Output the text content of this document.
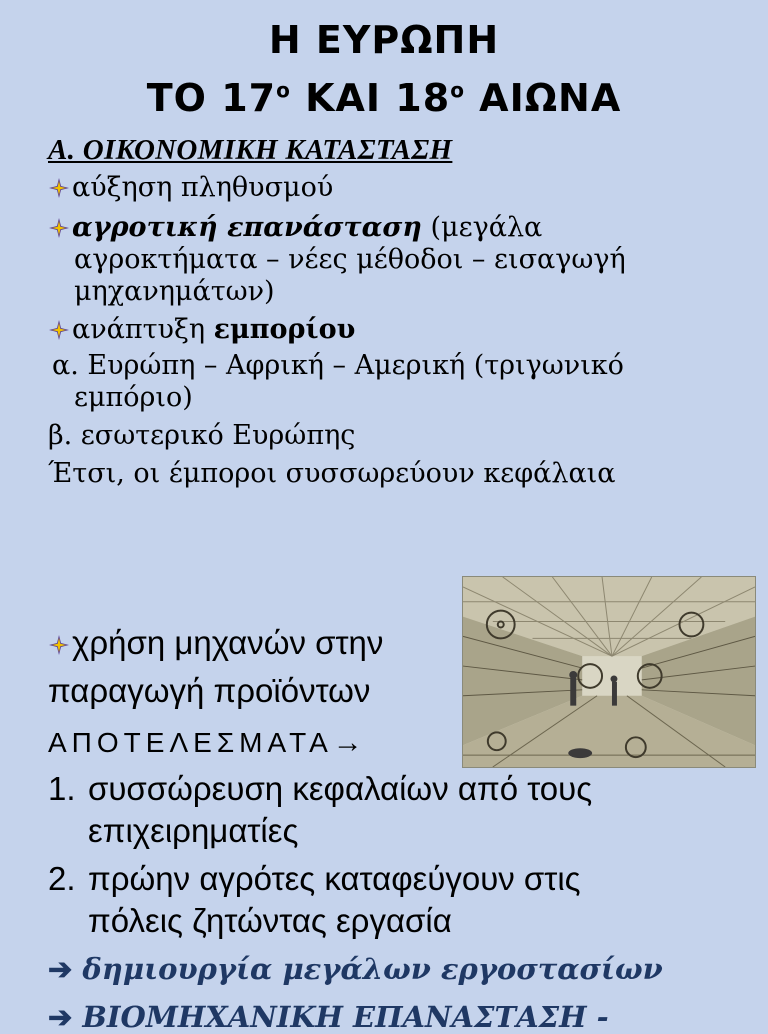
Η ΕΥΡΩΠΗ
ΤΟ $17^o$ ΚΑΙ $18^o$ ΑΙΩΝΑ
Α. ΟΙΚΟΝΟΜΙΚΗ ΚΑΤΑΣΤΑΣΗ
αύξηση πληθυσμού
αγροτική επανάσταση (μεγάλα
αγροκτήματα – νέες μέθοδοι – εισαγωγή
μηχανημάτων)
ανάπτυξη εμπορίου
α. Ευρώπη – Αφρική – Αμερική (τριγωνικό
εμπόριο)
β. εσωτερικό Ευρώπης
Έτσι, οι έμποροι συσσωρεύουν κεφάλαια
χρήση μηχανών στην
παραγωγή προϊόντων
ΑΠΟΤΕΛΕΣΜΑΤΑ→
1. συσσώρευση κεφαλαίων από τους
επιχειρηματίες
2. πρώην αγρότες καταφεύγουν στις
πόλεις ζητώντας εργασία
➔ δημιουργία μεγάλων εργοστασίων
➔ ΒΙΟΜΗΧΑΝΙΚΗ ΕΠΑΝΑΣΤΑΣΗ -
